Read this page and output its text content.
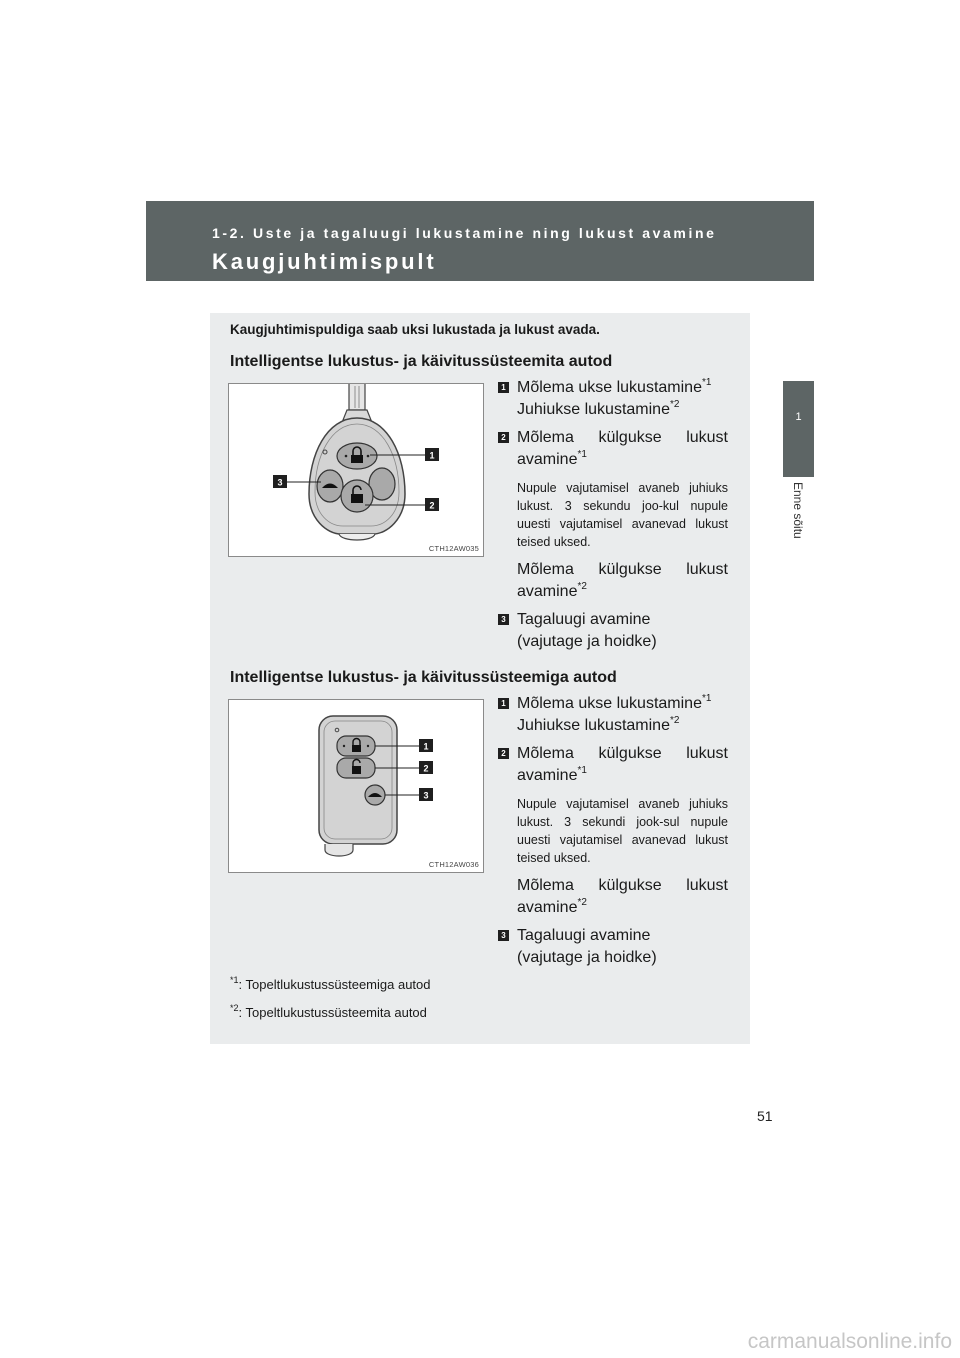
1-2. Uste ja tagaluugi lukustamine ning lukust avamine

Kaugjuhtimispult
1
Enne sõitu
Kaugjuhtimispuldiga saab uksi lukustada ja lukust avada.
Intelligentse lukustus- ja käivitussüsteemita autod
1
2
3
CTH12AW035
1 Mõlema ukse lukustamine$^{*1}$
Juhiukse lukustamine$^{*2}$
2 Mõlema külgukse lukust
avamine$^{*1}$
Nupule vajutamisel avaneb juhiuks lukust. 3 sekundu joo-kul nupule uuesti vajutamisel avanevad lukust teised uksed.
Mõlema külgukse lukust
avamine$^{*2}$
3 Tagaluugi avamine
(vajutage ja hoidke)
Intelligentse lukustus- ja käivitussüsteemiga autod
1
2
3
CTH12AW036
1 Mõlema ukse lukustamine$^{*1}$
Juhiukse lukustamine$^{*2}$
2 Mõlema külgukse lukust
avamine$^{*1}$
Nupule vajutamisel avaneb juhiuks lukust. 3 sekundi jook-sul nupule uuesti vajutamisel avanevad lukust teised uksed.
Mõlema külgukse lukust
avamine$^{*2}$
3 Tagaluugi avamine
(vajutage ja hoidke)
$^{*1}$: Topeltlukustussüsteemiga autod
$^{*2}$: Topeltlukustussüsteemita autod
51
carmanualsonline.info
